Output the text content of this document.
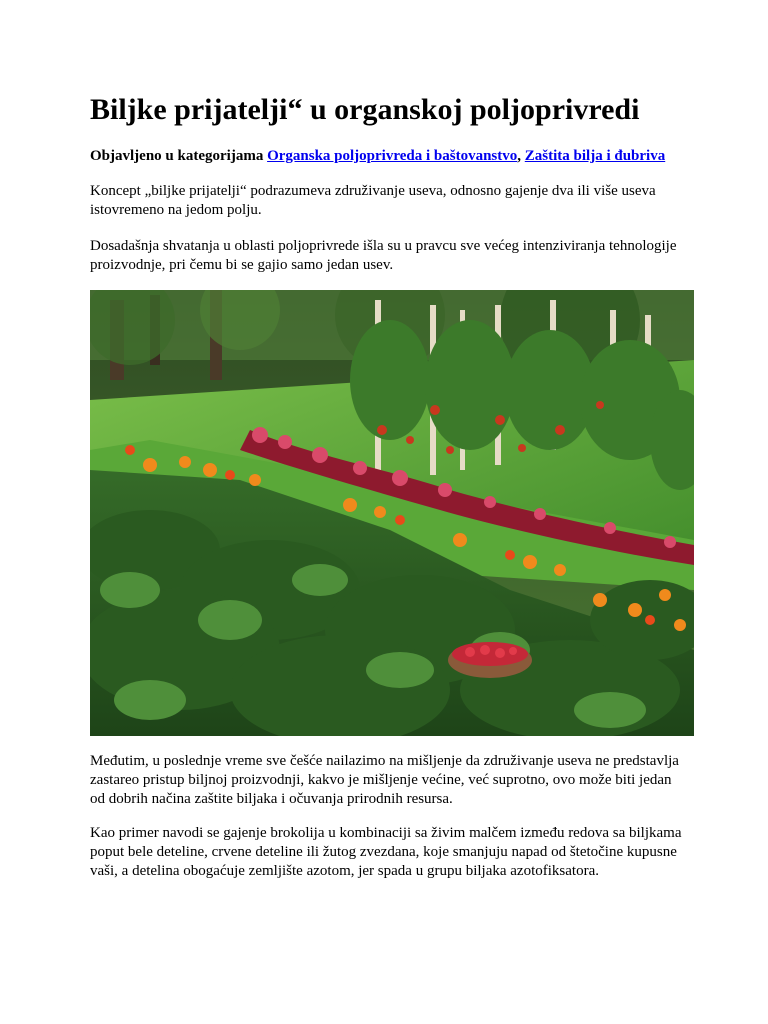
Biljke prijatelji“ u organskoj poljoprivredi

Objavljeno u kategorijama Organska poljoprivreda i baštovanstvo, Zaštita bilja i đubriva

Koncept „biljke prijatelji“ podrazumeva združivanje useva, odnosno gajenje dva ili više useva istovremeno na jedom polju.

Dosadašnja shvatanja u oblasti poljoprivrede išla su u pravcu sve većeg intenziviranja tehnologije proizvodnje, pri čemu bi se gajio samo jedan usev.

Međutim, u poslednje vreme sve češće nailazimo na mišljenje da združivanje useva ne predstavlja zastareo pristup biljnoj proizvodnji, kakvo je mišljenje većine, već suprotno, ovo može biti jedan od dobrih načina zaštite biljaka i očuvanja prirodnih resursa.

Kao primer navodi se gajenje brokolija u kombinaciji sa živim malčem između redova sa biljkama poput bele deteline, crvene deteline ili žutog zvezdana, koje smanjuju napad od štetočine kupusne vaši, a detelina obogaćuje zemljište azotom, jer spada u grupu biljaka azotofiksatora.
